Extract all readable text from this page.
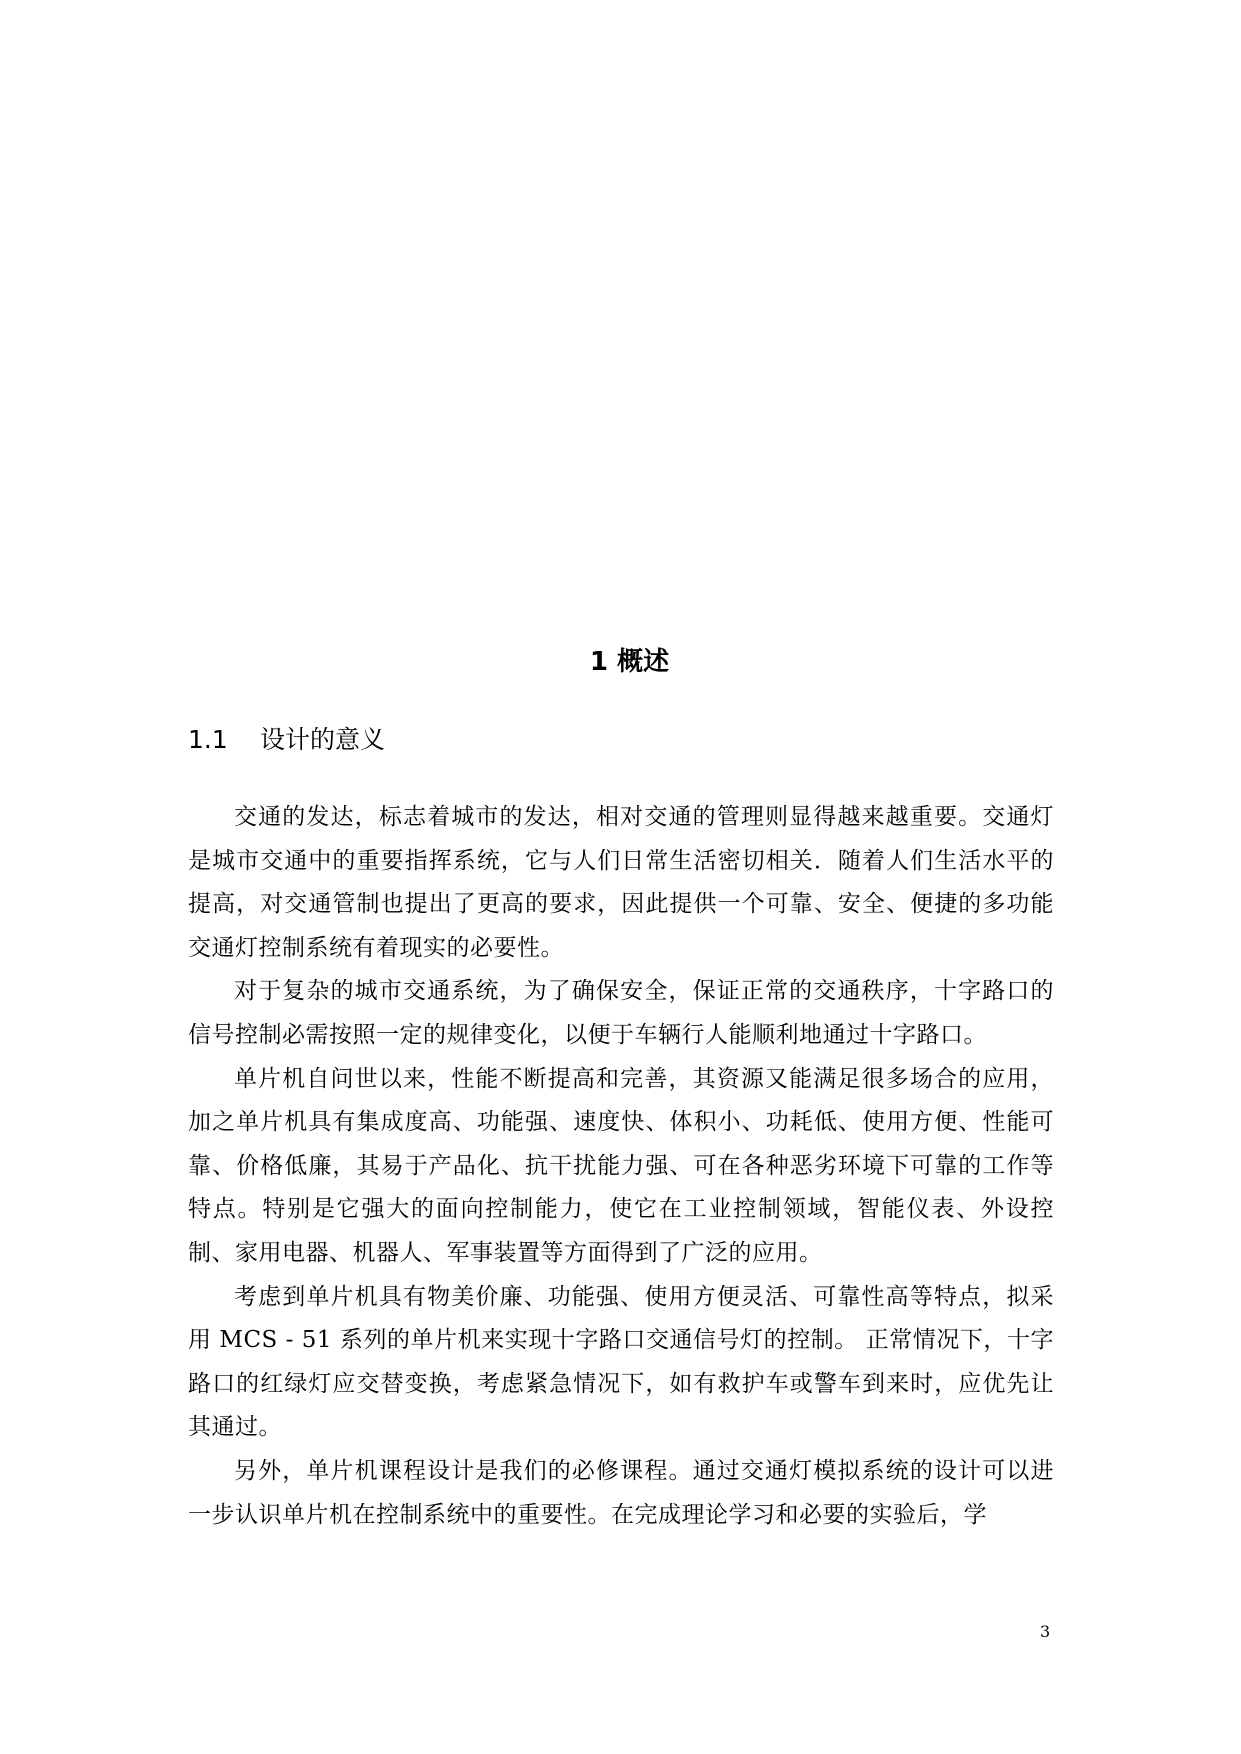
1 概述
1.1 设计的意义

交通的发达，标志着城市的发达，相对交通的管理则显得越来越重要。交通灯是城市交通中的重要指挥系统，它与人们日常生活密切相关．随着人们生活水平的提高，对交通管制也提出了更高的要求，因此提供一个可靠、安全、便捷的多功能交通灯控制系统有着现实的必要性。

对于复杂的城市交通系统，为了确保安全，保证正常的交通秩序，十字路口的信号控制必需按照一定的规律变化，以便于车辆行人能顺利地通过十字路口。

单片机自问世以来，性能不断提高和完善，其资源又能满足很多场合的应用，加之单片机具有集成度高、功能强、速度快、体积小、功耗低、使用方便、性能可靠、价格低廉，其易于产品化、抗干扰能力强、可在各种恶劣环境下可靠的工作等特点。特别是它强大的面向控制能力，使它在工业控制领域，智能仪表、外设控制、家用电器、机器人、军事装置等方面得到了广泛的应用。

考虑到单片机具有物美价廉、功能强、使用方便灵活、可靠性高等特点，拟采用 MCS - 51 系列的单片机来实现十字路口交通信号灯的控制。 正常情况下，十字路口的红绿灯应交替变换，考虑紧急情况下，如有救护车或警车到来时，应优先让其通过。

另外，单片机课程设计是我们的必修课程。通过交通灯模拟系统的设计可以进一步认识单片机在控制系统中的重要性。在完成理论学习和必要的实验后，学

3
